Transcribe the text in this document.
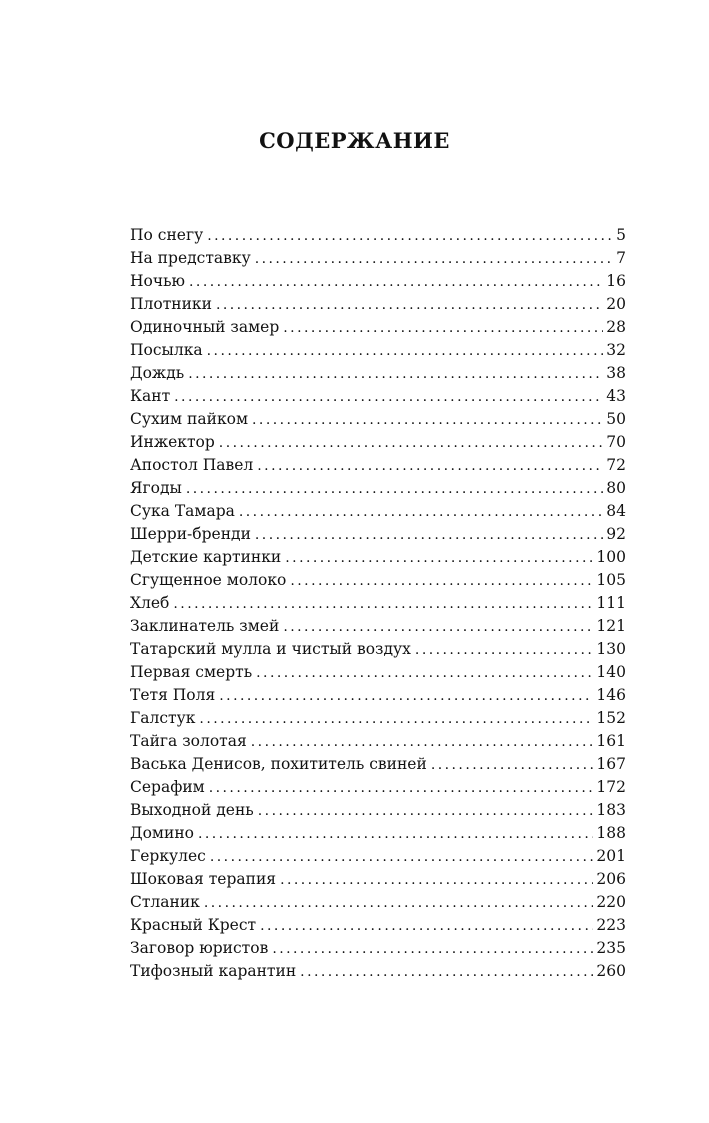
СОДЕРЖАНИЕ
По снегу . . .	5
На представку . . .	7
Ночью . . .	16
Плотники . . .	20
Одиночный замер . . .	28
Посылка . . .	32
Дождь . . .	38
Кант . . .	43
Сухим пайком . . .	50
Инжектор . . .	70
Апостол Павел . . .	72
Ягоды . . .	80
Сука Тамара . . .	84
Шерри-бренди . . .	92
Детские картинки . . .	100
Сгущенное молоко . . .	105
Хлеб . . .	111
Заклинатель змей . . .	121
Татарский мулла и чистый воздух . . .	130
Первая смерть . . .	140
Тетя Поля . . .	146
Галстук . . .	152
Тайга золотая . . .	161
Васька Денисов, похититель свиней . . .	167
Серафим . . .	172
Выходной день . . .	183
Домино . . .	188
Геркулес . . .	201
Шоковая терапия . . .	206
Стланик . . .	220
Красный Крест . . .	223
Заговор юристов . . .	235
Тифозный карантин . . .	260
